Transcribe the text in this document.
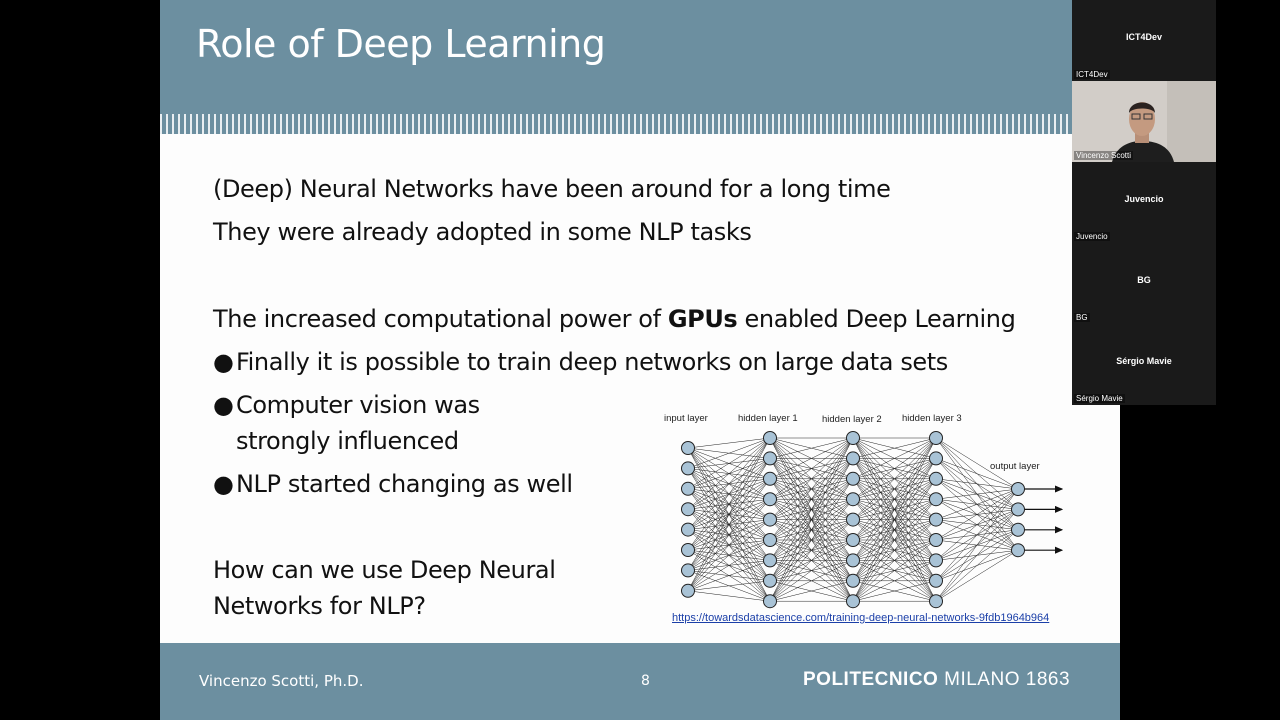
Role of Deep Learning
(Deep) Neural Networks have been around for a long time
They were already adopted in some NLP tasks
The increased computational power of GPUs enabled Deep Learning
● Finally it is possible to train deep networks on large data sets
● Computer vision was
strongly influenced
● NLP started changing as well
How can we use Deep Neural
Networks for NLP?
input layer	hidden layer 1	hidden layer 2 hidden layer 3
output layer
https://towardsdatascience.com/training-deep-neural-networks-9fdb1964b964
Vincenzo Scotti, Ph.D.	8	POLITECNICO MILANO 1863
ICT4Dev
ICT4Dev
Vincenzo Scotti
Juvencio
Juvencio
BG
BG
Sérgio Mavie
Sérgio Mavie
